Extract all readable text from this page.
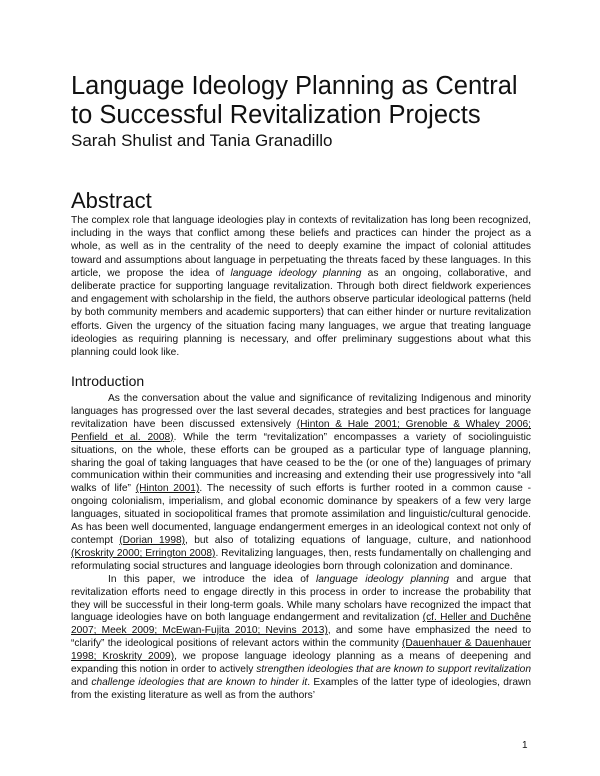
Language Ideology Planning as Central to Successful Revitalization Projects
Sarah Shulist and Tania Granadillo
Abstract

The complex role that language ideologies play in contexts of revitalization has long been recognized, including in the ways that conflict among these beliefs and practices can hinder the project as a whole, as well as in the centrality of the need to deeply examine the impact of colonial attitudes toward and assumptions about language in perpetuating the threats faced by these languages. In this article, we propose the idea of language ideology planning as an ongoing, collaborative, and deliberate practice for supporting language revitalization. Through both direct fieldwork experiences and engagement with scholarship in the field, the authors observe particular ideological patterns (held by both community members and academic supporters) that can either hinder or nurture revitalization efforts. Given the urgency of the situation facing many languages, we argue that treating language ideologies as requiring planning is necessary, and offer preliminary suggestions about what this planning could look like.

Introduction

As the conversation about the value and significance of revitalizing Indigenous and minority languages has progressed over the last several decades, strategies and best practices for language revitalization have been discussed extensively (Hinton & Hale 2001; Grenoble & Whaley 2006; Penfield et al. 2008). While the term “revitalization” encompasses a variety of sociolinguistic situations, on the whole, these efforts can be grouped as a particular type of language planning, sharing the goal of taking languages that have ceased to be the (or one of the) languages of primary communication within their communities and increasing and extending their use progressively into “all walks of life” (Hinton 2001). The necessity of such efforts is further rooted in a common cause - ongoing colonialism, imperialism, and global economic dominance by speakers of a few very large languages, situated in sociopolitical frames that promote assimilation and linguistic/cultural genocide. As has been well documented, language endangerment emerges in an ideological context not only of contempt (Dorian 1998), but also of totalizing equations of language, culture, and nationhood (Kroskrity 2000; Errington 2008). Revitalizing languages, then, rests fundamentally on challenging and reformulating social structures and language ideologies born through colonization and dominance.

In this paper, we introduce the idea of language ideology planning and argue that revitalization efforts need to engage directly in this process in order to increase the probability that they will be successful in their long-term goals. While many scholars have recognized the impact that language ideologies have on both language endangerment and revitalization (cf. Heller and Duchêne 2007; Meek 2009; McEwan-Fujita 2010; Nevins 2013), and some have emphasized the need to “clarify” the ideological positions of relevant actors within the community (Dauenhauer & Dauenhauer 1998; Kroskrity 2009), we propose language ideology planning as a means of deepening and expanding this notion in order to actively strengthen ideologies that are known to support revitalization and challenge ideologies that are known to hinder it. Examples of the latter type of ideologies, drawn from the existing literature as well as from the authors’

1
